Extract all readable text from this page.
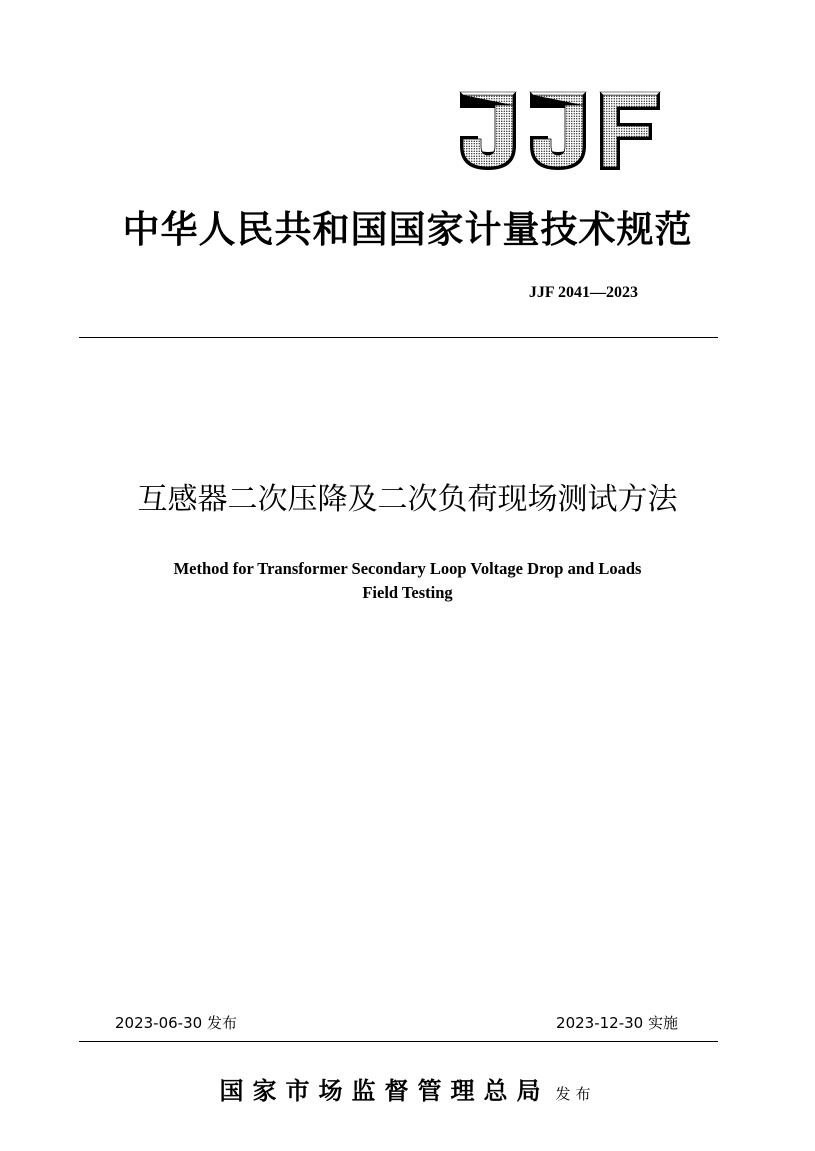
中华人民共和国国家计量技术规范
JJF 2041—2023
互感器二次压降及二次负荷现场测试方法
Method for Transformer Secondary Loop Voltage Drop and Loads
Field Testing
2023-06-30 发布	2023-12-30 实施
国家市场监督管理总局 发布
